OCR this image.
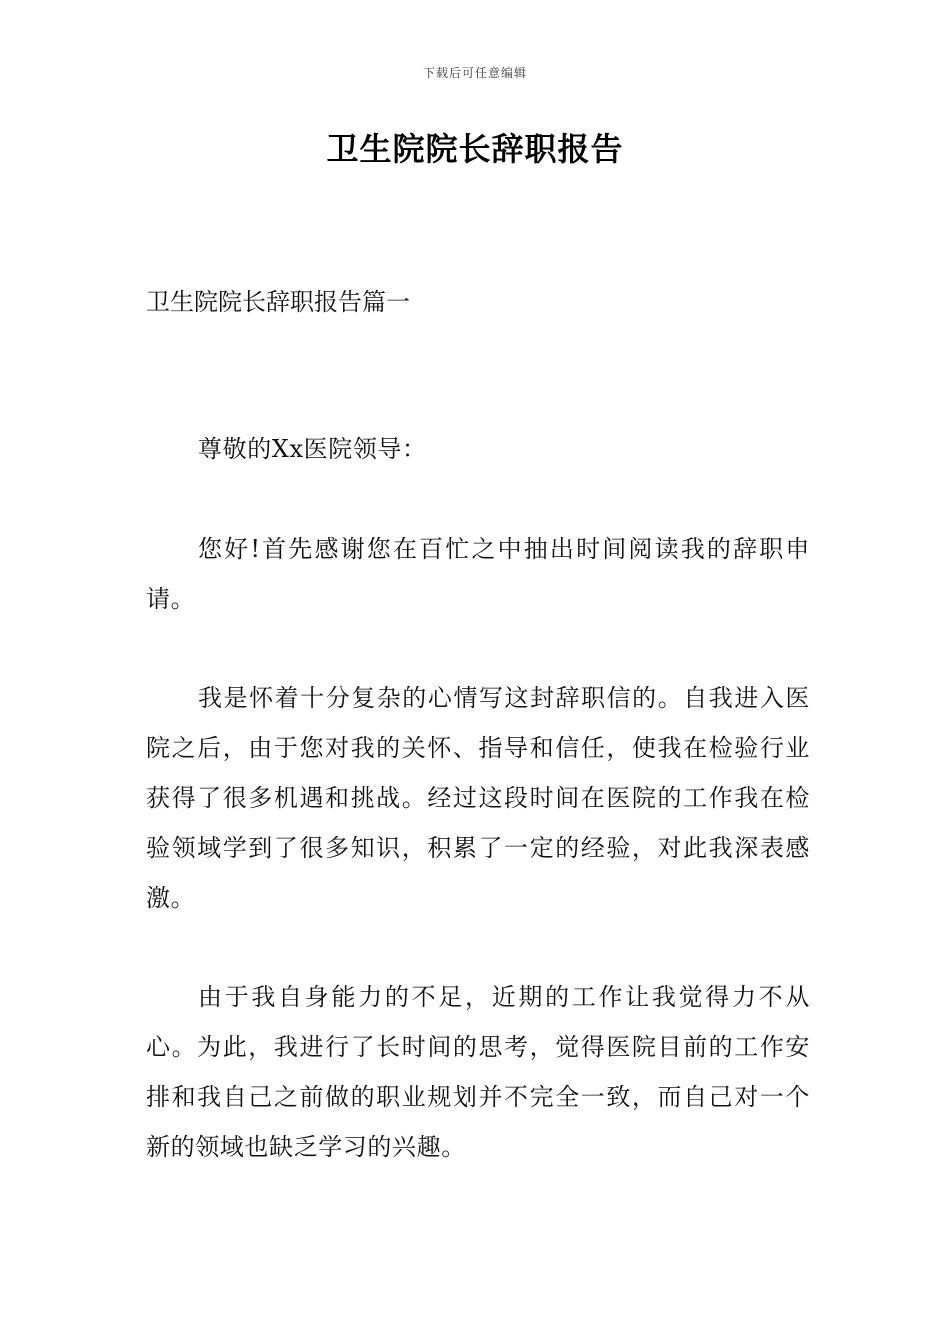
下载后可任意编辑
卫生院院长辞职报告
卫生院院长辞职报告篇一

尊敬的Xx医院领导：

您好!首先感谢您在百忙之中抽出时间阅读我的辞职申请。

我是怀着十分复杂的心情写这封辞职信的。自我进入医院之后，由于您对我的关怀、指导和信任，使我在检验行业获得了很多机遇和挑战。经过这段时间在医院的工作我在检验领域学到了很多知识，积累了一定的经验，对此我深表感激。

由于我自身能力的不足，近期的工作让我觉得力不从心。为此，我进行了长时间的思考，觉得医院目前的工作安排和我自己之前做的职业规划并不完全一致，而自己对一个新的领域也缺乏学习的兴趣。
